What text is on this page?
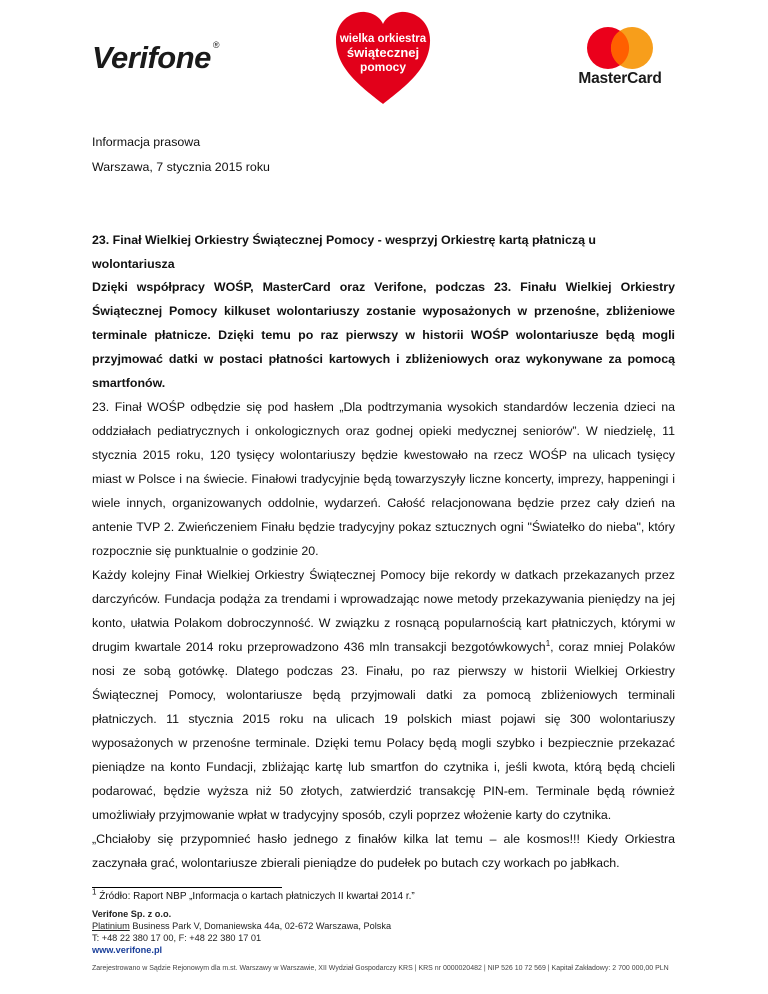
Verifone ®	wielka orkiestra
świątecznej
pomocy
MasterCard
Informacja prasowa
Warszawa, 7 stycznia 2015 roku
23. Finał Wielkiej Orkiestry Świątecznej Pomocy - wesprzyj Orkiestrę kartą płatniczą u wolontariusza

Dzięki współpracy WOŚP, MasterCard oraz Verifone, podczas 23. Finału Wielkiej Orkiestry Świątecznej Pomocy kilkuset wolontariuszy zostanie wyposażonych w przenośne, zbliżeniowe terminale płatnicze. Dzięki temu po raz pierwszy w historii WOŚP wolontariusze będą mogli przyjmować datki w postaci płatności kartowych i zbliżeniowych oraz wykonywane za pomocą smartfonów.

23. Finał WOŚP odbędzie się pod hasłem „Dla podtrzymania wysokich standardów leczenia dzieci na oddziałach pediatrycznych i onkologicznych oraz godnej opieki medycznej seniorów”. W niedzielę, 11 stycznia 2015 roku, 120 tysięcy wolontariuszy będzie kwestowało na rzecz WOŚP na ulicach tysięcy miast w Polsce i na świecie. Finałowi tradycyjnie będą towarzyszyły liczne koncerty, imprezy, happeningi i wiele innych, organizowanych oddolnie, wydarzeń. Całość relacjonowana będzie przez cały dzień na antenie TVP 2. Zwieńczeniem Finału będzie tradycyjny pokaz sztucznych ogni "Światełko do nieba", który rozpocznie się punktualnie o godzinie 20.

Każdy kolejny Finał Wielkiej Orkiestry Świątecznej Pomocy bije rekordy w datkach przekazanych przez darczyńców. Fundacja podąża za trendami i wprowadzając nowe metody przekazywania pieniędzy na jej konto, ułatwia Polakom dobroczynność. W związku z rosnącą popularnością kart płatniczych, którymi w drugim kwartale 2014 roku przeprowadzono 436 mln transakcji bezgotówkowych$^1$, coraz mniej Polaków nosi ze sobą gotówkę. Dlatego podczas 23. Finału, po raz pierwszy w historii Wielkiej Orkiestry Świątecznej Pomocy, wolontariusze będą przyjmowali datki za pomocą zbliżeniowych terminali płatniczych. 11 stycznia 2015 roku na ulicach 19 polskich miast pojawi się 300 wolontariuszy wyposażonych w przenośne terminale. Dzięki temu Polacy będą mogli szybko i bezpiecznie przekazać pieniądze na konto Fundacji, zbliżając kartę lub smartfon do czytnika i, jeśli kwota, którą będą chcieli podarować, będzie wyższa niż 50 złotych, zatwierdzić transakcję PIN-em. Terminale będą również umożliwiały przyjmowanie wpłat w tradycyjny sposób, czyli poprzez włożenie karty do czytnika.

„Chciałoby się przypomnieć hasło jednego z finałów kilka lat temu – ale kosmos!!! Kiedy Orkiestra zaczynała grać, wolontariusze zbierali pieniądze do pudełek po butach czy workach po jabłkach.

$^1$ Źródło: Raport NBP „Informacja o kartach płatniczych II kwartał 2014 r.”
Verifone Sp. z o.o.
Platinium Business Park V, Domaniewska 44a, 02-672 Warszawa, Polska
T: +48 22 380 17 00, F: +48 22 380 17 01
www.verifone.pl
Zarejestrowano w Sądzie Rejonowym dla m.st. Warszawy w Warszawie, XII Wydział Gospodarczy KRS | KRS nr 0000020482 | NIP 526 10 72 569 | Kapitał Zakładowy: 2 700 000,00 PLN
